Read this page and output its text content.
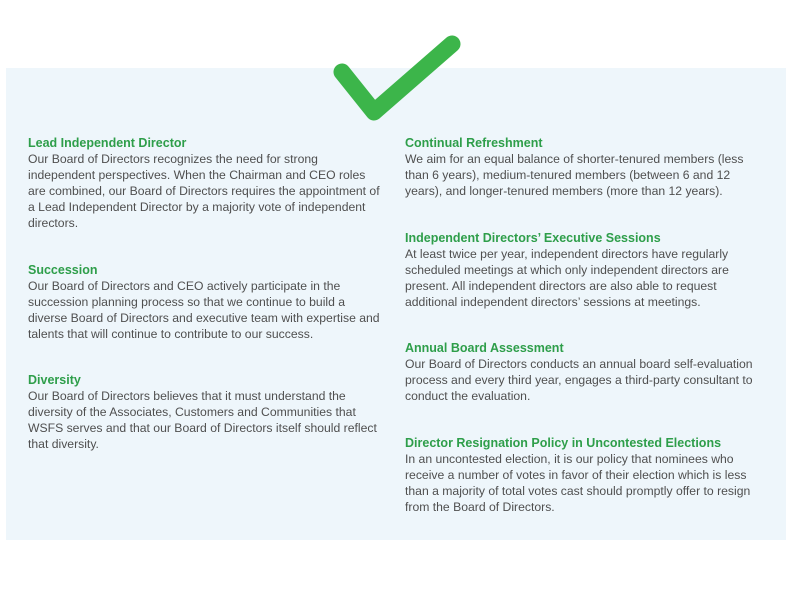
Lead Independent Director

Our Board of Directors recognizes the need for strong independent perspectives. When the Chairman and CEO roles are combined, our Board of Directors requires the appointment of a Lead Independent Director by a majority vote of independent directors.

Succession

Our Board of Directors and CEO actively participate in the succession planning process so that we continue to build a diverse Board of Directors and executive team with expertise and talents that will continue to contribute to our success.

Diversity

Our Board of Directors believes that it must understand the diversity of the Associates, Customers and Communities that WSFS serves and that our Board of Directors itself should reflect that diversity.

Continual Refreshment

We aim for an equal balance of shorter-tenured members (less than 6 years), medium-tenured members (between 6 and 12 years), and longer-tenured members (more than 12 years).

Independent Directors’ Executive Sessions

At least twice per year, independent directors have regularly scheduled meetings at which only independent directors are present. All independent directors are also able to request additional independent directors’ sessions at meetings.

Annual Board Assessment

Our Board of Directors conducts an annual board self-evaluation process and every third year, engages a third-party consultant to conduct the evaluation.

Director Resignation Policy in Uncontested Elections

In an uncontested election, it is our policy that nominees who receive a number of votes in favor of their election which is less than a majority of total votes cast should promptly offer to resign from the Board of Directors.
